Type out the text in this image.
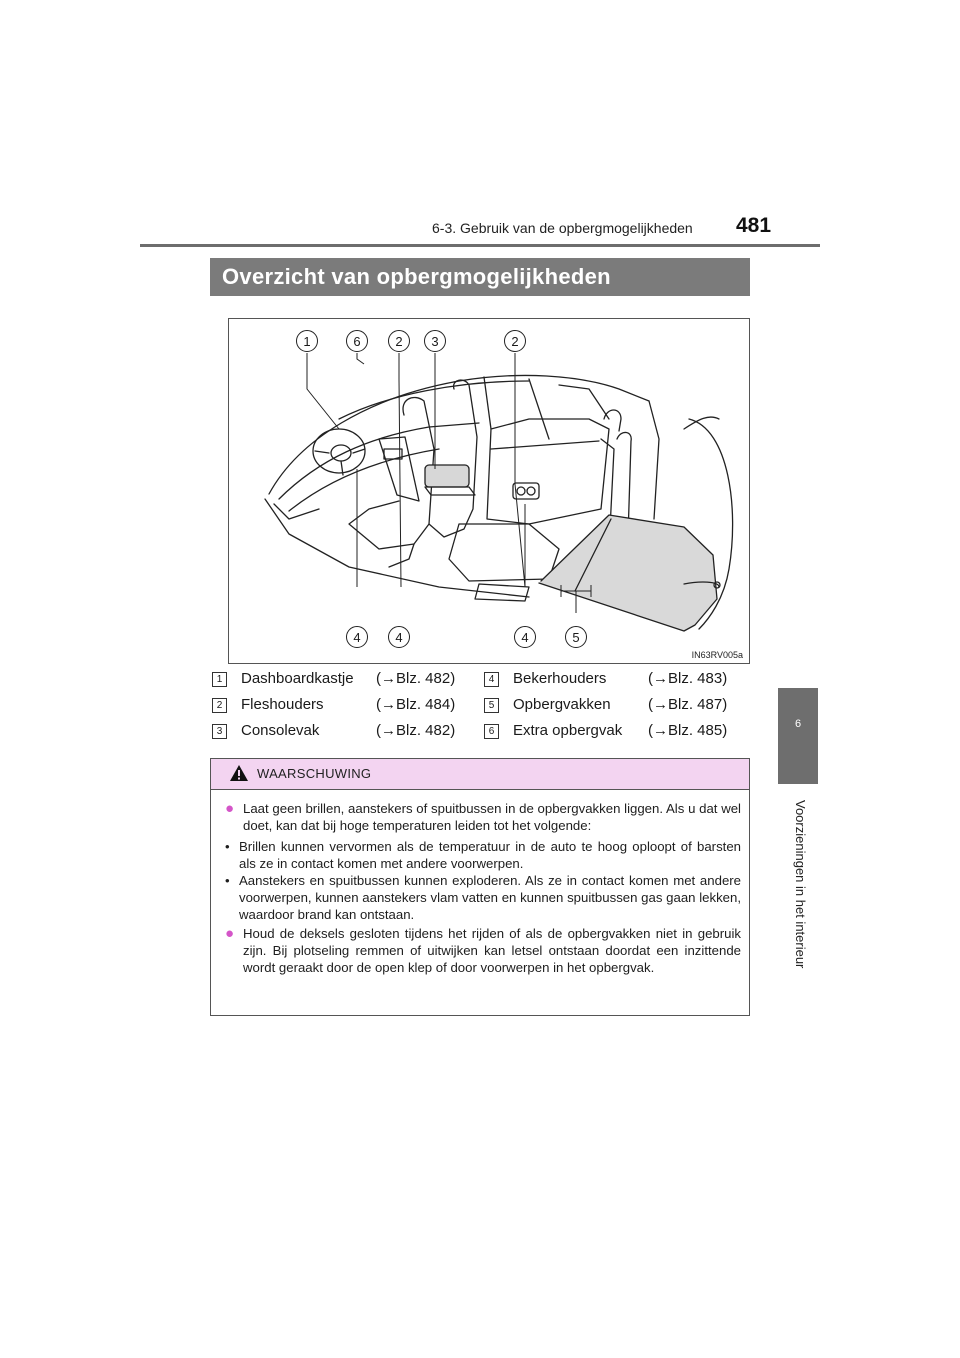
6-3. Gebruik van de opbergmogelijkheden 481
6
Voorzieningen in het interieur
Overzicht van opbergmogelijkheden
1	6	2	3	2
4	4	4	5
IN63RV005a
1	Dashboardkastje (→Blz. 482)	4	Bekerhouders	(→Blz. 483)
2	Fleshouders	(→Blz. 484)	5	Opbergvakken (→Blz. 487)
3	Consolevak	(→Blz. 482)	6	Extra opbergvak (→Blz. 485)
WAARSCHUWING
● Laat geen brillen, aanstekers of spuitbussen in de opbergvakken liggen. Als u dat wel doet, kan dat bij hoge temperaturen leiden tot het volgende:
• Brillen kunnen vervormen als de temperatuur in de auto te hoog oploopt of barsten als ze in contact komen met andere voorwerpen.
• Aanstekers en spuitbussen kunnen exploderen. Als ze in contact komen met andere voorwerpen, kunnen aanstekers vlam vatten en kunnen spuitbussen gas gaan lekken, waardoor brand kan ontstaan.
● Houd de deksels gesloten tijdens het rijden of als de opbergvakken niet in gebruik zijn. Bij plotseling remmen of uitwijken kan letsel ontstaan doordat een inzittende wordt geraakt door de open klep of door voorwerpen in het opbergvak.
